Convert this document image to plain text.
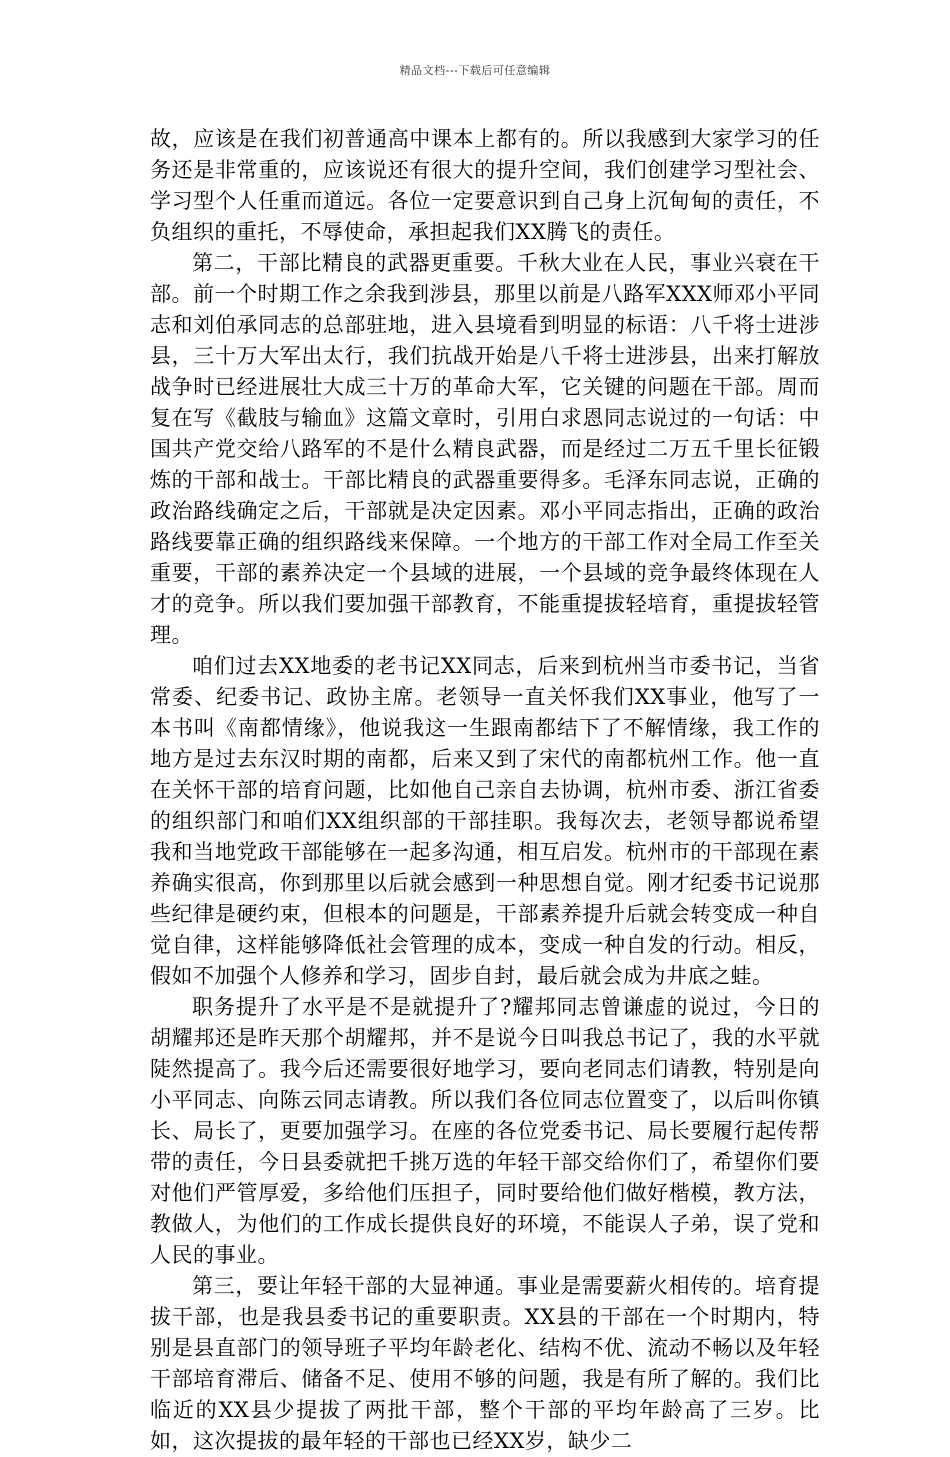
精品文档---下载后可任意编辑

故，应该是在我们初普通高中课本上都有的。所以我感到大家学习的任务还是非常重的，应该说还有很大的提升空间，我们创建学习型社会、学习型个人任重而道远。各位一定要意识到自己身上沉甸甸的责任，不负组织的重托，不辱使命，承担起我们XX腾飞的责任。

第二，干部比精良的武器更重要。千秋大业在人民，事业兴衰在干部。前一个时期工作之余我到涉县，那里以前是八路军XXX师邓小平同志和刘伯承同志的总部驻地，进入县境看到明显的标语：八千将士进涉县，三十万大军出太行，我们抗战开始是八千将士进涉县，出来打解放战争时已经进展壮大成三十万的革命大军，它关键的问题在干部。周而复在写《截肢与输血》这篇文章时，引用白求恩同志说过的一句话：中国共产党交给八路军的不是什么精良武器，而是经过二万五千里长征锻炼的干部和战士。干部比精良的武器重要得多。毛泽东同志说，正确的政治路线确定之后，干部就是决定因素。邓小平同志指出，正确的政治路线要靠正确的组织路线来保障。一个地方的干部工作对全局工作至关重要，干部的素养决定一个县域的进展，一个县域的竞争最终体现在人才的竞争。所以我们要加强干部教育，不能重提拔轻培育，重提拔轻管理。

咱们过去XX地委的老书记XX同志，后来到杭州当市委书记，当省常委、纪委书记、政协主席。老领导一直关怀我们XX事业，他写了一本书叫《南都情缘》，他说我这一生跟南都结下了不解情缘，我工作的地方是过去东汉时期的南都，后来又到了宋代的南都杭州工作。他一直在关怀干部的培育问题，比如他自己亲自去协调，杭州市委、浙江省委的组织部门和咱们XX组织部的干部挂职。我每次去，老领导都说希望我和当地党政干部能够在一起多沟通，相互启发。杭州市的干部现在素养确实很高，你到那里以后就会感到一种思想自觉。刚才纪委书记说那些纪律是硬约束，但根本的问题是，干部素养提升后就会转变成一种自觉自律，这样能够降低社会管理的成本，变成一种自发的行动。相反，假如不加强个人修养和学习，固步自封，最后就会成为井底之蛙。

职务提升了水平是不是就提升了?耀邦同志曾谦虚的说过，今日的胡耀邦还是昨天那个胡耀邦，并不是说今日叫我总书记了，我的水平就陡然提高了。我今后还需要很好地学习，要向老同志们请教，特别是向小平同志、向陈云同志请教。所以我们各位同志位置变了，以后叫你镇长、局长了，更要加强学习。在座的各位党委书记、局长要履行起传帮带的责任，今日县委就把千挑万选的年轻干部交给你们了，希望你们要对他们严管厚爱，多给他们压担子，同时要给他们做好楷模，教方法，教做人，为他们的工作成长提供良好的环境，不能误人子弟，误了党和人民的事业。

第三，要让年轻干部的大显神通。事业是需要薪火相传的。培育提拔干部，也是我县委书记的重要职责。XX县的干部在一个时期内，特别是县直部门的领导班子平均年龄老化、结构不优、流动不畅以及年轻干部培育滞后、储备不足、使用不够的问题，我是有所了解的。我们比临近的XX县少提拔了两批干部，整个干部的平均年龄高了三岁。比如，这次提拔的最年轻的干部也已经XX岁，缺少二
